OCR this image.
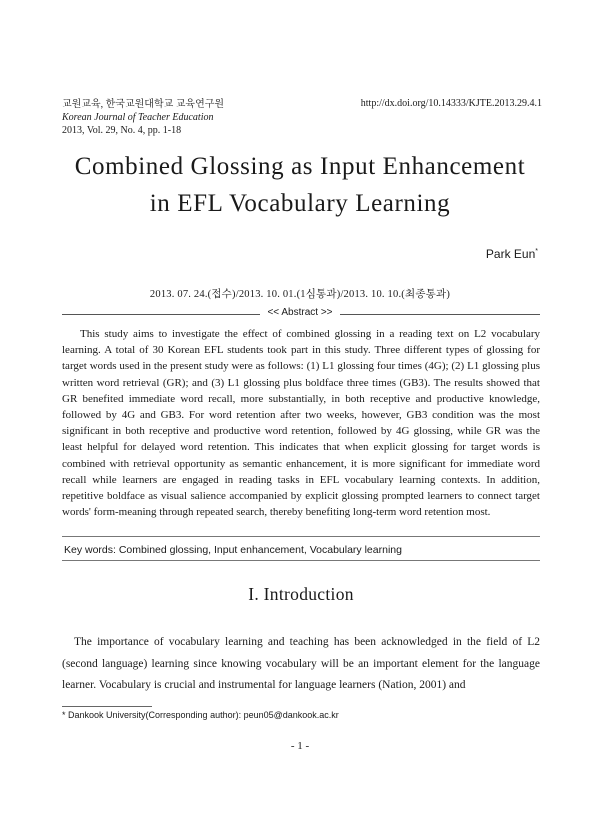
교원교육, 한국교원대학교 교육연구원
Korean Journal of Teacher Education
2013, Vol. 29, No. 4, pp. 1-18
http://dx.doi.org/10.14333/KJTE.2013.29.4.1
Combined Glossing as Input Enhancement
in EFL Vocabulary Learning
Park Eun*
2013. 07. 24.(접수)/2013. 10. 01.(1심통과)/2013. 10. 10.(최종통과)
<< Abstract >>
This study aims to investigate the effect of combined glossing in a reading text on L2 vocabulary learning. A total of 30 Korean EFL students took part in this study. Three different types of glossing for target words used in the present study were as follows: (1) L1 glossing four times (4G); (2) L1 glossing plus written word retrieval (GR); and (3) L1 glossing plus boldface three times (GB3). The results showed that GR benefited immediate word recall, more substantially, in both receptive and productive knowledge, followed by 4G and GB3. For word retention after two weeks, however, GB3 condition was the most significant in both receptive and productive word retention, followed by 4G glossing, while GR was the least helpful for delayed word retention. This indicates that when explicit glossing for target words is combined with retrieval opportunity as semantic enhancement, it is more significant for immediate word recall while learners are engaged in reading tasks in EFL vocabulary learning contexts. In addition, repetitive boldface as visual salience accompanied by explicit glossing prompted learners to connect target words' form-meaning through repeated search, thereby benefiting long-term word retention most.
Key words: Combined glossing, Input enhancement, Vocabulary learning
I. Introduction
The importance of vocabulary learning and teaching has been acknowledged in the field of L2 (second language) learning since knowing vocabulary will be an important element for the language learner. Vocabulary is crucial and instrumental for language learners (Nation, 2001) and
* Dankook University(Corresponding author): peun05@dankook.ac.kr
- 1 -
